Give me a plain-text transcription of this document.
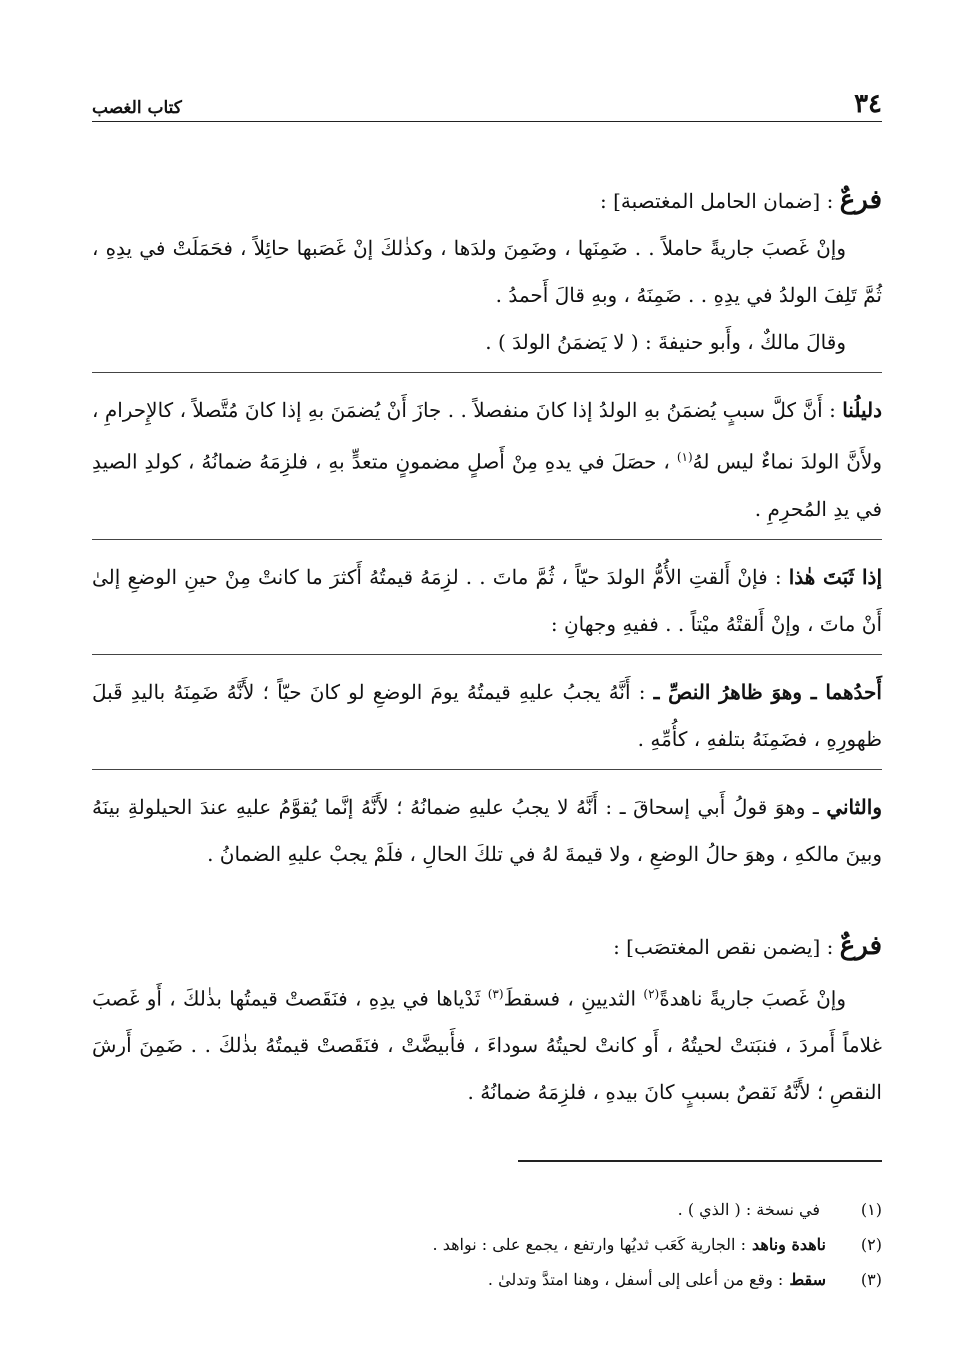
٣٤
كتاب الغصب

فرعٌ : [ضمان الحامل المغتصبة] :

وإنْ غَصبَ جاريةً حاملاً . . ضَمِنَها ، وضَمِنَ ولدَها ، وكذٰلكَ إنْ غَصَبها حائِلاً ، فحَمَلَتْ في يدِهِ ، ثُمَّ تَلِفَ الولدُ في يدِهِ . . ضَمِنَهُ ، وبهِ قالَ أَحمدُ .

وقالَ مالكٌ ، وأَبو حنيفةَ : ( لا يَضمَنُ الولدَ ) .

دليلُنا : أَنَّ كلَّ سببٍ يُضمَنُ بهِ الولدُ إذا كانَ منفصلاً . . جازَ أَنْ يُضمَنَ بهِ إذا كانَ مُتَّصلاً ، كالإِحرامِ ، ولأَنَّ الولدَ نماءٌ ليس لهُ$^{(١)}$ ، حصَلَ في يدهِ مِنْ أَصلٍ مضمونٍ متعدٍّ بهِ ، فلزِمَهُ ضمانُهُ ، كولدِ الصيدِ في يدِ المُحرِمِ .

إذا ثَبَتَ هٰذا : فإنْ أَلقتِ الأُمُّ الولدَ حيّاً ، ثُمَّ ماتَ . . لزِمَهُ قيمتُهُ أَكثرَ ما كانتْ مِنْ حينِ الوضعِ إلىٰ أَنْ ماتَ ، وإنْ أَلقتْهُ ميْتاً . . ففيهِ وجهانِ :

أَحدُهما ـ وهوَ ظاهرُ النصِّ ـ : أَنَّهُ يجبُ عليهِ قيمتُهُ يومَ الوضعِ لو كانَ حيّاً ؛ لأَنَّهُ ضَمِنَهُ باليدِ قَبلَ ظهورِهِ ، فضَمِنَهُ بتلفهِ ، كأُمِّهِ .

والثاني ـ وهوَ قولُ أَبي إسحاقَ ـ : أَنَّهُ لا يجبُ عليهِ ضمانُهُ ؛ لأَنَّهُ إنَّما يُقوَّمُ عليهِ عندَ الحيلولةِ بينَهُ وبينَ مالكهِ ، وهوَ حالُ الوضعِ ، ولا قيمةَ لهُ في تلكَ الحالِ ، فلَمْ يجبْ عليهِ الضمانُ .

فرعٌ : [يضمن نقص المغتصَب] :

وإنْ غَصبَ جاريةً ناهدةً$^{(٢)}$ الثديينِ ، فسقطَ$^{(٣)}$ ثَدْياها في يدِهِ ، فنَقَصتْ قيمتُها بذٰلكَ ، أَو غَصبَ غلاماً أَمردَ ، فنبَتتْ لحيتُهُ ، أَو كانتْ لحيتُهُ سوداءَ ، فأَبيضَّتْ ، فنَقَصتْ قيمتُهُ بذٰلكَ . . ضَمِنَ أَرشَ النقصِ ؛ لأَنَّهُ نَقصٌ بسببٍ كانَ بيدهِ ، فلزِمَهُ ضمانُهُ .

(١)
في نسخة : ( الذي ) .
(٢)
ناهدة وناهد
: الجارية كَعَب ثديُها وارتفع ، يجمع على : نواهد .
(٣)
سقط
: وقع من أعلى إلى أسفل ، وهنا امتدَّ وتدلىٰ .
